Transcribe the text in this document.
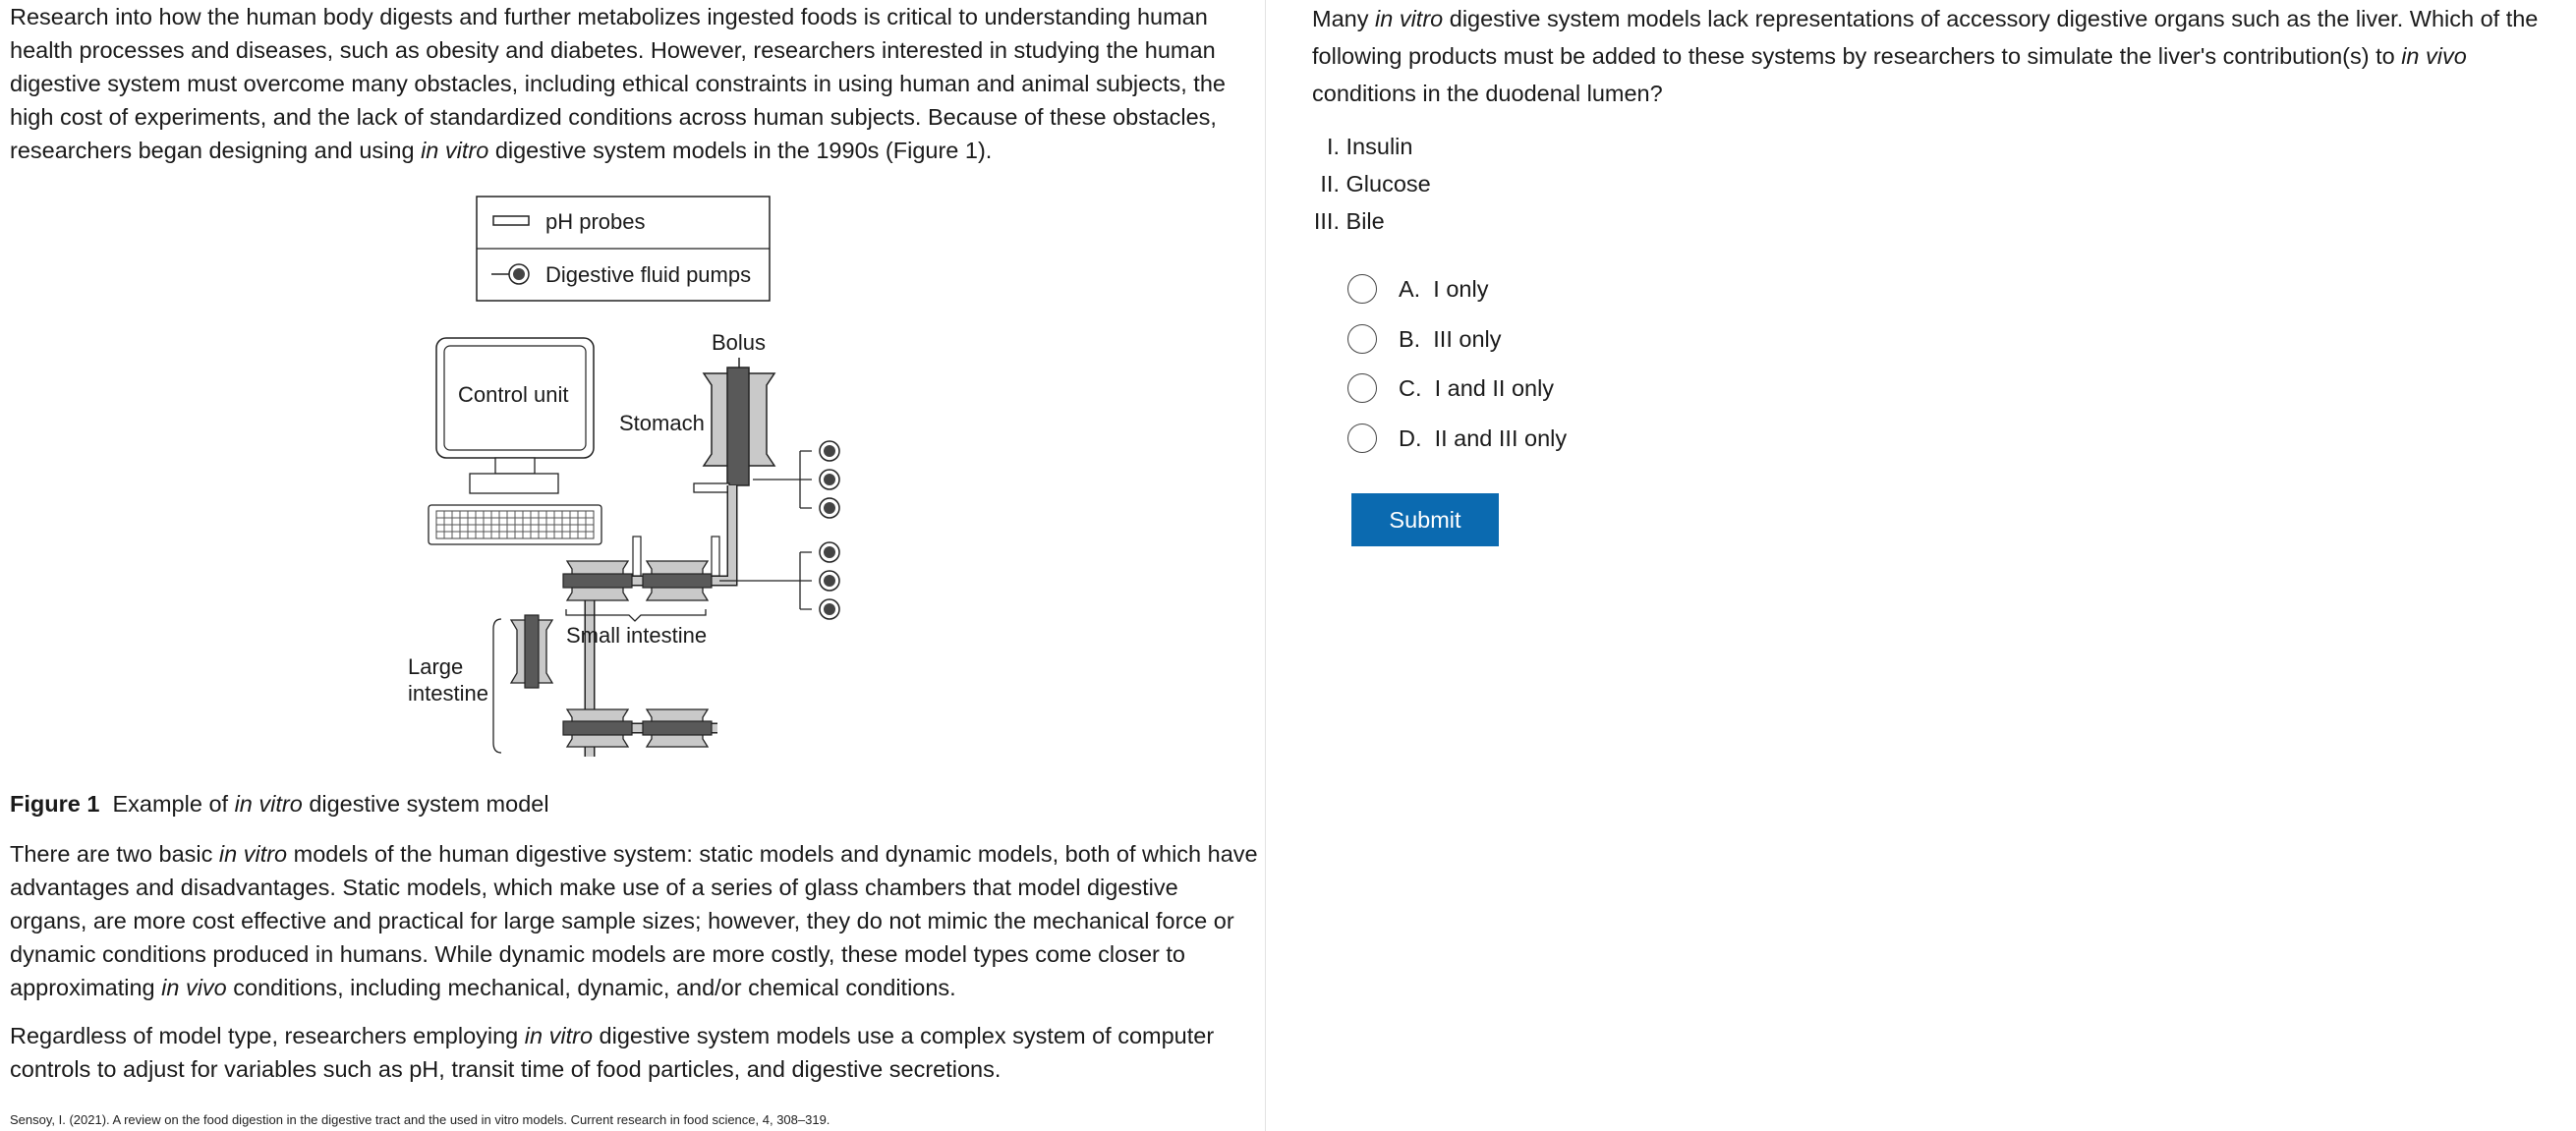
Research into how the human body digests and further metabolizes ingested foods is critical to understanding human health processes and diseases, such as obesity and diabetes. However, researchers interested in studying the human digestive system must overcome many obstacles, including ethical constraints in using human and animal subjects, the high cost of experiments, and the lack of standardized conditions across human subjects. Because of these obstacles, researchers began designing and using in vitro digestive system models in the 1990s (Figure 1).

pH probes
Digestive fluid pumps
Control unit
Bolus
Stomach
Small intestine
Large
intestine
Figure 1 Example of in vitro digestive system model

There are two basic in vitro models of the human digestive system: static models and dynamic models, both of which have advantages and disadvantages. Static models, which make use of a series of glass chambers that model digestive organs, are more cost effective and practical for large sample sizes; however, they do not mimic the mechanical force or dynamic conditions produced in humans. While dynamic models are more costly, these model types come closer to approximating in vivo conditions, including mechanical, dynamic, and/or chemical conditions.

Regardless of model type, researchers employing in vitro digestive system models use a complex system of computer controls to adjust for variables such as pH, transit time of food particles, and digestive secretions.

Sensoy, I. (2021). A review on the food digestion in the digestive tract and the used in vitro models. Current research in food science, 4, 308–319.
Many in vitro digestive system models lack representations of accessory digestive organs such as the liver. Which of the following products must be added to these systems by researchers to simulate the liver's contribution(s) to in vivo conditions in the duodenal lumen?
I. Insulin
II. Glucose
III. Bile
A. I only
B. III only
C. I and II only
D. II and III only
Submit
